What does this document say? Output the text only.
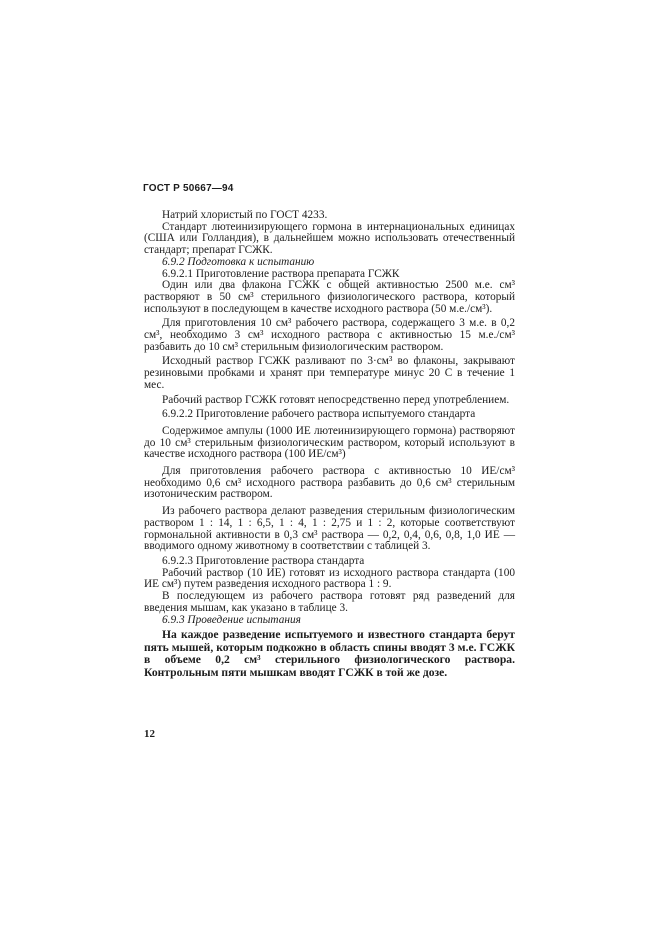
ГОСТ Р 50667—94

Натрий хлористый по ГОСТ 4233.

Стандарт лютеинизирующего гормона в интернациональных единицах (США или Голландия), в дальнейшем можно использовать отечественный стандарт; препарат ГСЖК.

6.9.2 Подготовка к испытанию

6.9.2.1 Приготовление раствора препарата ГСЖК

Один или два флакона ГСЖК с общей активностью 2500 м.е. см³ растворяют в 50 см³ стерильного физиологического раствора, который используют в последующем в качестве исходного раствора (50 м.е./см³).

Для приготовления 10 см³ рабочего раствора, содержащего 3 м.е. в 0,2 см³, необходимо 3 см³ исходного раствора с активностью 15 м.е./см³ разбавить до 10 см³ стерильным физиологическим раствором.

Исходный раствор ГСЖК разливают по 3·см³ во флаконы, закрывают резиновыми пробками и хранят при температуре минус 20 С в течение 1 мес.

Рабочий раствор ГСЖК готовят непосредственно перед употреблением.

6.9.2.2 Приготовление рабочего раствора испытуемого стандарта

Содержимое ампулы (1000 ИЕ лютеинизирующего гормона) растворяют до 10 см³ стерильным физиологическим раствором, который используют в качестве исходного раствора (100 ИЕ/см³)

Для приготовления рабочего раствора с активностью 10 ИЕ/см³ необходимо 0,6 см³ исходного раствора разбавить до 0,6 см³ стерильным изотоническим раствором.

Из рабочего раствора делают разведения стерильным физиологическим раствором 1 : 14, 1 : 6,5, 1 : 4, 1 : 2,75 и 1 : 2, которые соответствуют гормональной активности в 0,3 см³ раствора — 0,2, 0,4, 0,6, 0,8, 1,0 ИЕ — вводимого одному животному в соответствии с таблицей 3.

6.9.2.3 Приготовление раствора стандарта

Рабочий раствор (10 ИЕ) готовят из исходного раствора стандарта (100 ИЕ см³) путем разведения исходного раствора 1 : 9.

В последующем из рабочего раствора готовят ряд разведений для введения мышам, как указано в таблице 3.

6.9.3 Проведение испытания

На каждое разведение испытуемого и известного стандарта берут пять мышей, которым подкожно в область спины вводят 3 м.е. ГСЖК в объеме 0,2 см³ стерильного физиологического раствора. Контрольным пяти мышкам вводят ГСЖК в той же дозе.

12
